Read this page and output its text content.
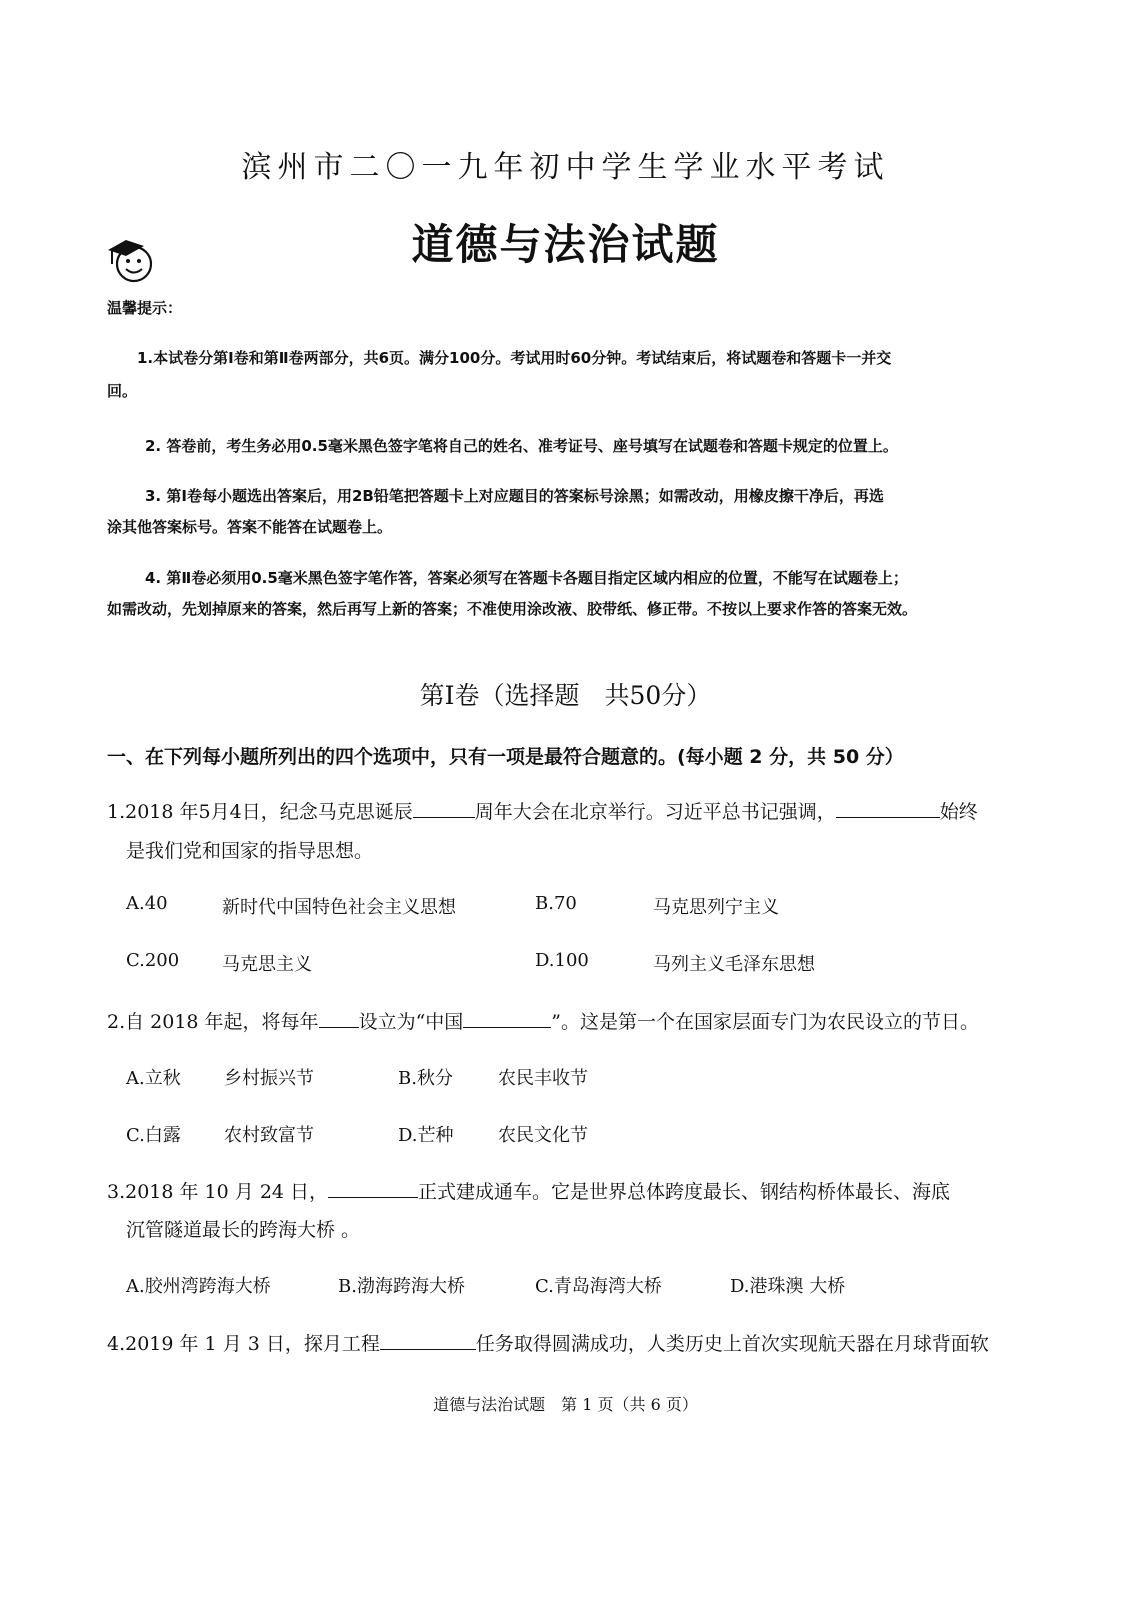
滨州市二〇一九年初中学生学业水平考试
道德与法治试题
温馨提示：
1.本试卷分第Ⅰ卷和第Ⅱ卷两部分，共6页。满分100分。考试用时60分钟。考试结束后，将试题卷和答题卡一并交
回。
2. 答卷前，考生务必用0.5毫米黑色签字笔将自己的姓名、准考证号、座号填写在试题卷和答题卡规定的位置上。
3. 第Ⅰ卷每小题选出答案后，用2B铅笔把答题卡上对应题目的答案标号涂黑；如需改动，用橡皮擦干净后，再选
涂其他答案标号。答案不能答在试题卷上。
4. 第Ⅱ卷必须用0.5毫米黑色签字笔作答，答案必须写在答题卡各题目指定区域内相应的位置，不能写在试题卷上；
如需改动，先划掉原来的答案，然后再写上新的答案；不准使用涂改液、胶带纸、修正带。不按以上要求作答的答案无效。
第Ⅰ卷（选择题　共50分）
一、在下列每小题所列出的四个选项中，只有一项是最符合题意的。(每小题 2 分，共 50 分）
1.2018 年5月4日，纪念马克思诞辰	周年大会在北京举行。习近平总书记强调，	始终
是我们党和国家的指导思想。
A.40	新时代中国特色社会主义思想	B.70	马克思列宁主义
C.200 马克思主义	D.100	马列主义毛泽东思想
2.自 2018 年起，将每年 设立为“中国	”。这是第一个在国家层面专门为农民设立的节日。
A.立秋 乡村振兴节	B.秋分	农民丰收节
C.白露 农村致富节	D.芒种 农民文化节
3.2018 年 10 月 24 日，	正式建成通车。它是世界总体跨度最长、钢结构桥体最长、海底
沉管隧道最长的跨海大桥 。
A.胶州湾跨海大桥	B.渤海跨海大桥	C.青岛海湾大桥	D.港珠澳 大桥
4.2019 年 1 月 3 日，探月工程	任务取得圆满成功，人类历史上首次实现航天器在月球背面软
道德与法治试题　第 1 页（共 6 页）
